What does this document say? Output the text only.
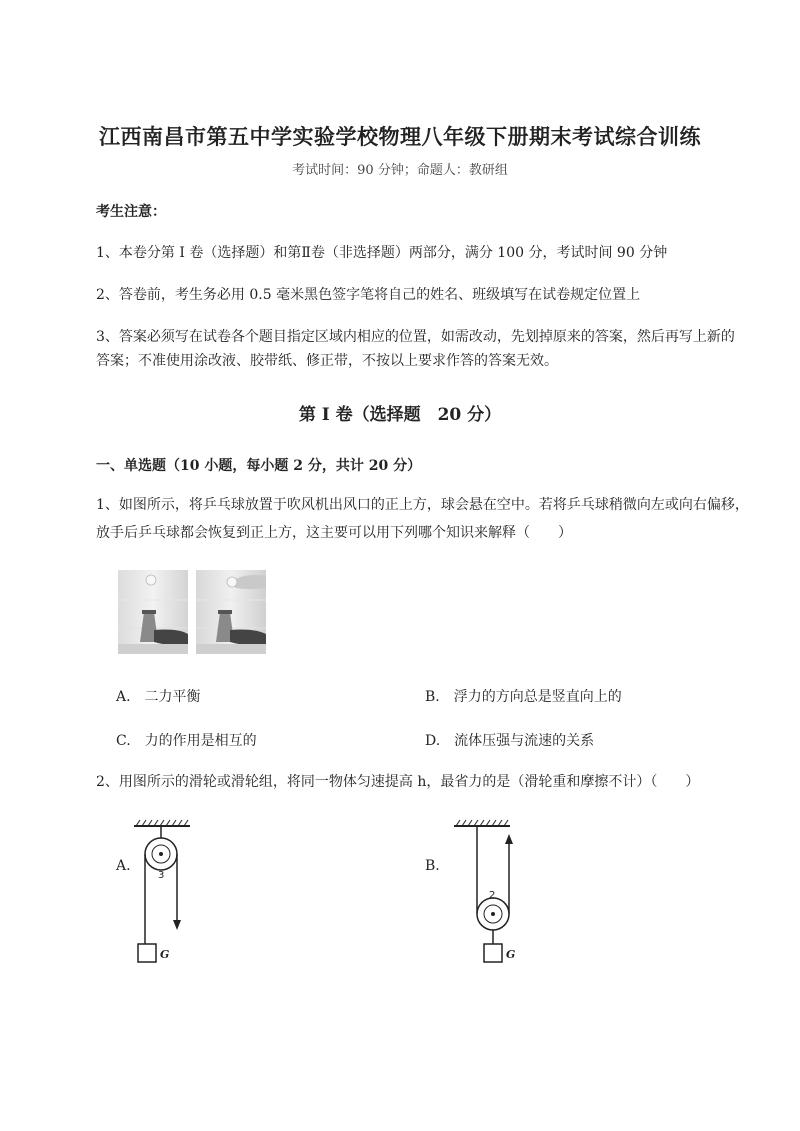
江西南昌市第五中学实验学校物理八年级下册期末考试综合训练
考试时间：90 分钟；命题人：教研组
考生注意：
1、本卷分第 I 卷（选择题）和第Ⅱ卷（非选择题）两部分，满分 100 分，考试时间 90 分钟
2、答卷前，考生务必用 0.5 毫米黑色签字笔将自己的姓名、班级填写在试卷规定位置上
3、答案必须写在试卷各个题目指定区域内相应的位置，如需改动，先划掉原来的答案，然后再写上新的答案；不准使用涂改液、胶带纸、修正带，不按以上要求作答的答案无效。
第 I 卷（选择题　20 分）
一、单选题（10 小题，每小题 2 分，共计 20 分）
1、如图所示，将乒乓球放置于吹风机出风口的正上方，球会悬在空中。若将乒乓球稍微向左或向右偏移，放手后乒乓球都会恢复到正上方，这主要可以用下列哪个知识来解释（　　）
A.　二力平衡	B.　浮力的方向总是竖直向上的
C.　力的作用是相互的	D.　流体压强与流速的关系
2、用图所示的滑轮或滑轮组，将同一物体匀速提高 h，最省力的是（滑轮重和摩擦不计）（　　）
A.	B.
3
G
2
G
